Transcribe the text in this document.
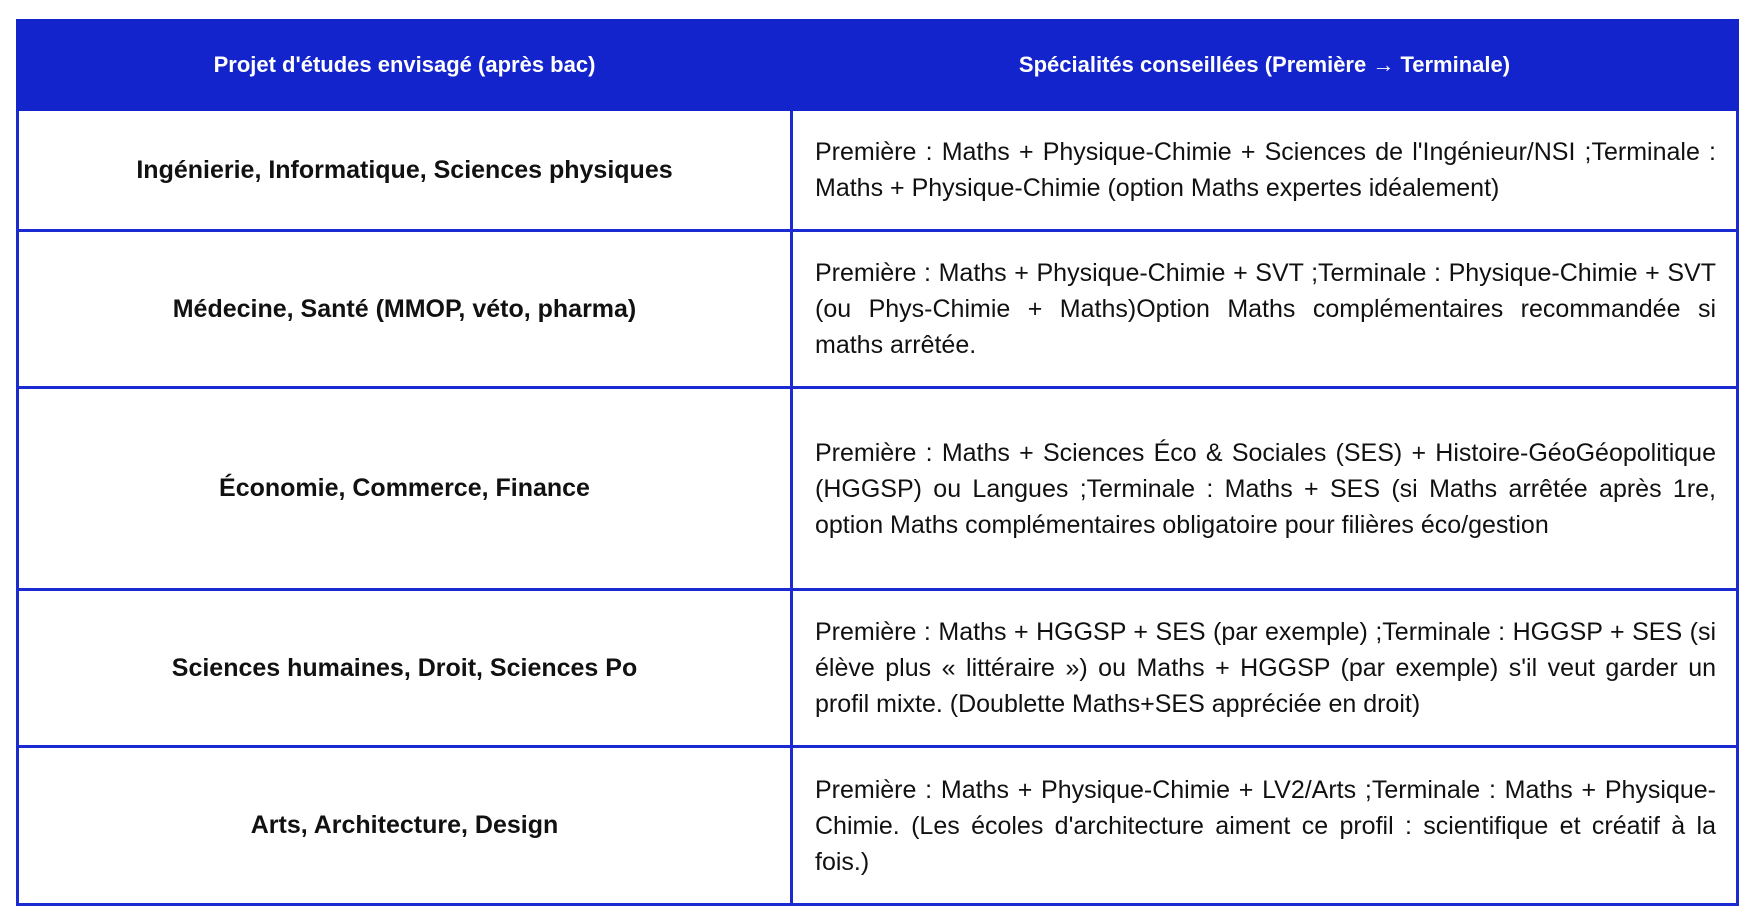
Projet d'études envisagé (après bac)	Spécialités conseillées (Première → Terminale)
Ingénierie, Informatique, Sciences physiques	Première : Maths + Physique-Chimie + Sciences de l'Ingénieur/NSI ;Terminale : Maths + Physique-Chimie (option Maths expertes idéalement)
Médecine, Santé (MMOP, véto, pharma)	Première : Maths + Physique-Chimie + SVT ;Terminale : Physique-Chimie + SVT (ou Phys-Chimie + Maths)Option Maths complémentaires recommandée si maths arrêtée.
Économie, Commerce, Finance	Première : Maths + Sciences Éco & Sociales (SES) + Histoire-GéoGéopolitique (HGGSP) ou Langues ;Terminale : Maths + SES (si Maths arrêtée après 1re, option Maths complémentaires obligatoire pour filières éco/gestion
Sciences humaines, Droit, Sciences Po	Première : Maths + HGGSP + SES (par exemple) ;Terminale : HGGSP + SES (si élève plus « littéraire ») ou Maths + HGGSP (par exemple) s'il veut garder un profil mixte. (Doublette Maths+SES appréciée en droit)
Arts, Architecture, Design	Première : Maths + Physique-Chimie + LV2/Arts ;Terminale : Maths + Physique-Chimie. (Les écoles d'architecture aiment ce profil : scientifique et créatif à la fois.)
